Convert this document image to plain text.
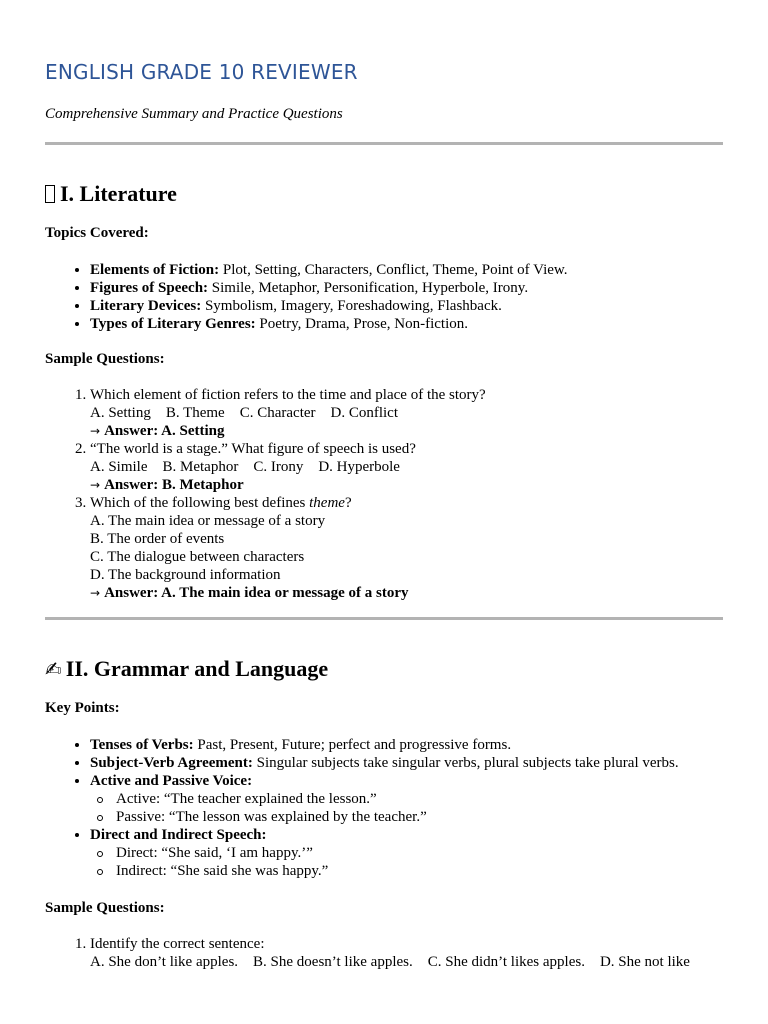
ENGLISH GRADE 10 REVIEWER

Comprehensive Summary and Practice Questions

I. Literature

Topics Covered:

• Elements of Fiction: Plot, Setting, Characters, Conflict, Theme, Point of View.
• Figures of Speech: Simile, Metaphor, Personification, Hyperbole, Irony.
• Literary Devices: Symbolism, Imagery, Foreshadowing, Flashback.
• Types of Literary Genres: Poetry, Drama, Prose, Non-fiction.

Sample Questions:

1. Which element of fiction refers to the time and place of the story?
A. Setting    B. Theme    C. Character    D. Conflict
→ Answer: A. Setting
2. “The world is a stage.” What figure of speech is used?
A. Simile    B. Metaphor    C. Irony    D. Hyperbole
→ Answer: B. Metaphor
3. Which of the following best defines theme?
A. The main idea or message of a story
B. The order of events
C. The dialogue between characters
D. The background information
→ Answer: A. The main idea or message of a story
✍ II. Grammar and Language

Key Points:

• Tenses of Verbs: Past, Present, Future; perfect and progressive forms.
• Subject-Verb Agreement: Singular subjects take singular verbs, plural subjects take plural verbs.
• Active and Passive Voice:
Active: “The teacher explained the lesson.”
Passive: “The lesson was explained by the teacher.”
• Direct and Indirect Speech:
Direct: “She said, ‘I am happy.’”
Indirect: “She said she was happy.”

Sample Questions:

1. Identify the correct sentence:
A. She don’t like apples.    B. She doesn’t like apples.    C. She didn’t likes apples.    D. She not like
